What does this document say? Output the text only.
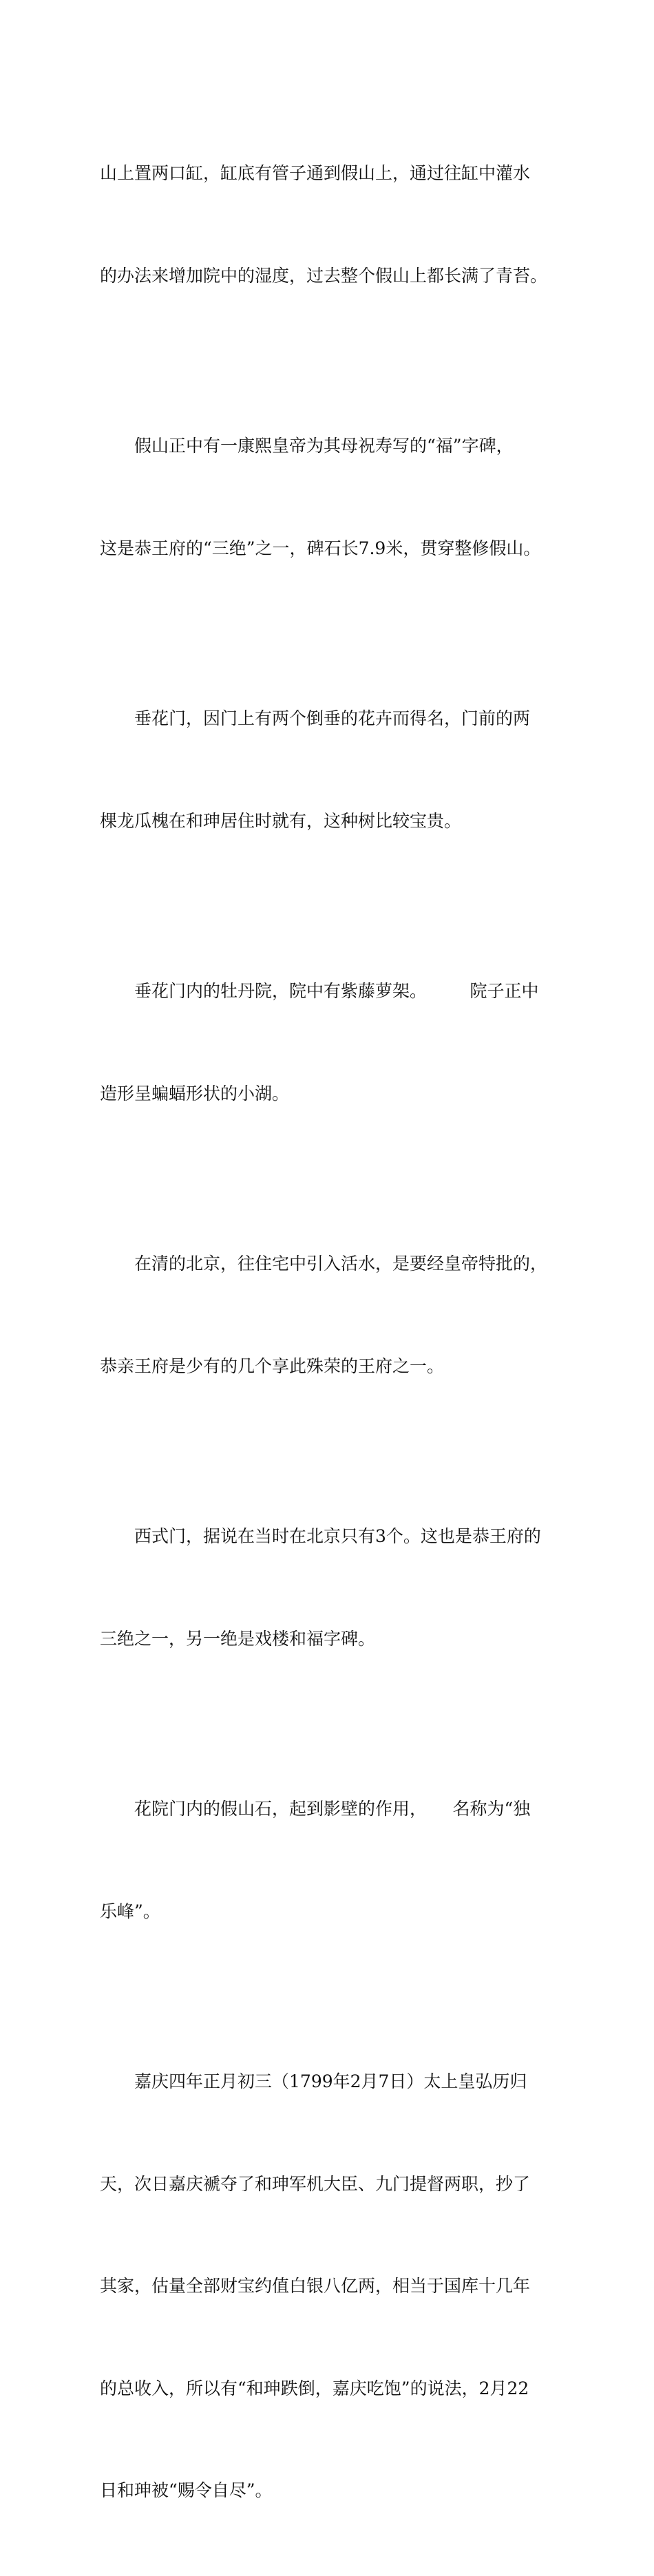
山上置两口缸，缸底有管子通到假山上，通过往缸中灌水

的办法来增加院中的湿度，过去整个假山上都长满了青苔。

　　假山正中有一康熙皇帝为其母祝寿写的“福”字碑，

这是恭王府的“三绝”之一，碑石长7.9米，贯穿整修假山。

　　垂花门，因门上有两个倒垂的花卉而得名，门前的两

棵龙瓜槐在和珅居住时就有，这种树比较宝贵。

　　垂花门内的牡丹院，院中有紫藤萝架。　　　院子正中

造形呈蝙蝠形状的小湖。

　　在清的北京，往住宅中引入活水，是要经皇帝特批的，

恭亲王府是少有的几个享此殊荣的王府之一。

　　西式门，据说在当时在北京只有3个。这也是恭王府的

三绝之一，另一绝是戏楼和福字碑。

　　花院门内的假山石，起到影壁的作用，　　名称为“独

乐峰”。

　　嘉庆四年正月初三（1799年2月7日）太上皇弘历归

天，次日嘉庆褫夺了和珅军机大臣、九门提督两职，抄了

其家，估量全部财宝约值白银八亿两，相当于国库十几年

的总收入，所以有“和珅跌倒，嘉庆吃饱”的说法，2月22

日和珅被“赐令自尽”。
